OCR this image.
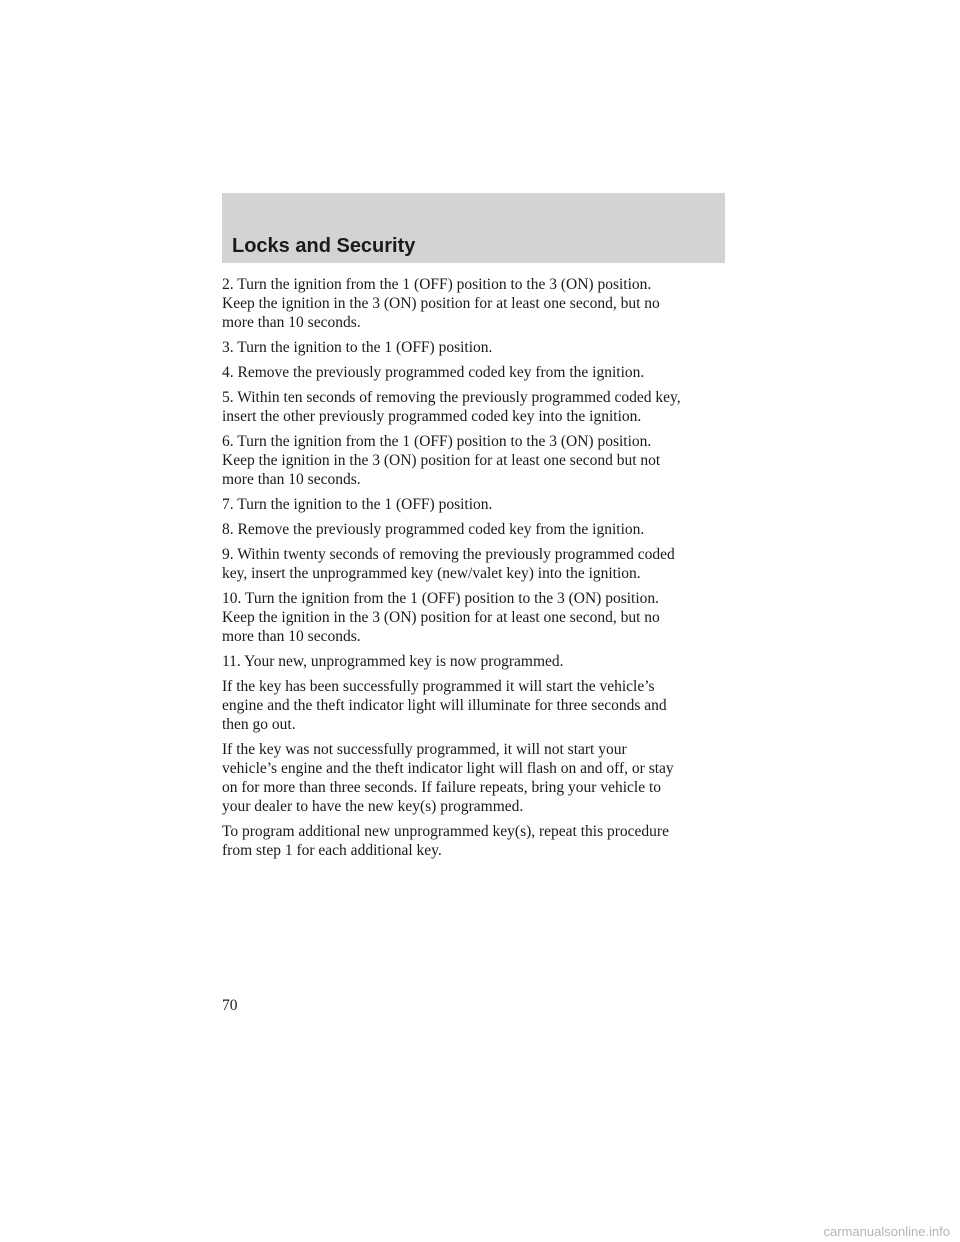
Locks and Security

2. Turn the ignition from the 1 (OFF) position to the 3 (ON) position.
Keep the ignition in the 3 (ON) position for at least one second, but no
more than 10 seconds.

3. Turn the ignition to the 1 (OFF) position.

4. Remove the previously programmed coded key from the ignition.

5. Within ten seconds of removing the previously programmed coded key,
insert the other previously programmed coded key into the ignition.

6. Turn the ignition from the 1 (OFF) position to the 3 (ON) position.
Keep the ignition in the 3 (ON) position for at least one second but not
more than 10 seconds.

7. Turn the ignition to the 1 (OFF) position.

8. Remove the previously programmed coded key from the ignition.

9. Within twenty seconds of removing the previously programmed coded
key, insert the unprogrammed key (new/valet key) into the ignition.

10. Turn the ignition from the 1 (OFF) position to the 3 (ON) position.
Keep the ignition in the 3 (ON) position for at least one second, but no
more than 10 seconds.

11. Your new, unprogrammed key is now programmed.

If the key has been successfully programmed it will start the vehicle’s
engine and the theft indicator light will illuminate for three seconds and
then go out.

If the key was not successfully programmed, it will not start your
vehicle’s engine and the theft indicator light will flash on and off, or stay
on for more than three seconds. If failure repeats, bring your vehicle to
your dealer to have the new key(s) programmed.

To program additional new unprogrammed key(s), repeat this procedure
from step 1 for each additional key.

70
carmanualsonline.info
